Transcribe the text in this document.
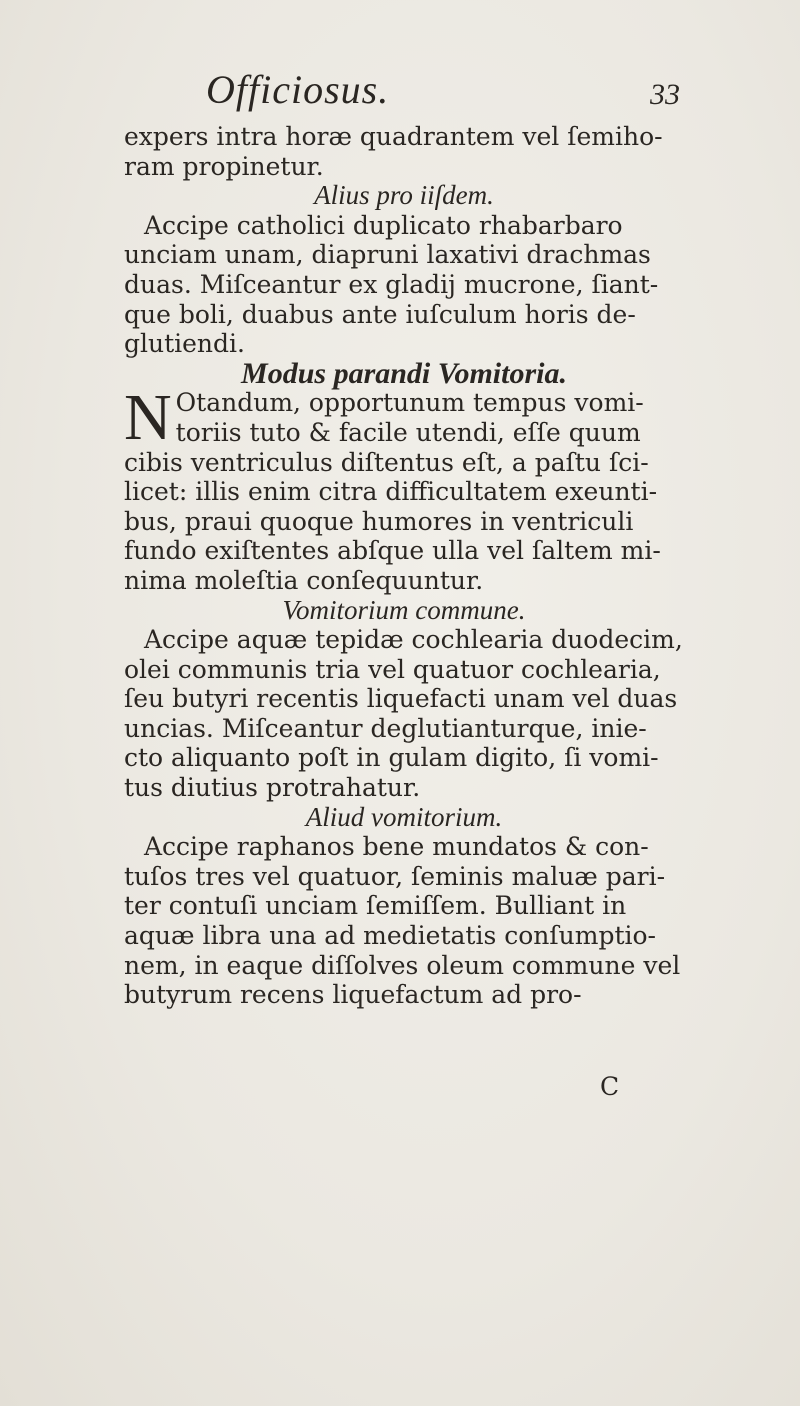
Officiosus.	33

expers intra horæ quadrantem vel ſemiho- ram propinetur.

Alius pro iiſdem.

Accipe catholici duplicato rhabarbaro unciam unam, diapruni laxativi drachmas duas. Miſceantur ex gladij mucrone, ſiant- que boli, duabus ante iuſculum horis de- glutiendi.

Modus parandi Vomitoria.

N Otandum, opportunum tempus vomi- toriis tuto & facile utendi, eſſe quum cibis ventriculus diſtentus eſt, a paſtu ſci- licet: illis enim citra difficultatem exeunti- bus, praui quoque humores in ventriculi fundo exiſtentes abſque ulla vel ſaltem mi- nima moleſtia conſequuntur.

Vomitorium commune.

Accipe aquæ tepidæ cochlearia duodecim, olei communis tria vel quatuor cochlearia, ſeu butyri recentis liquefacti unam vel duas uncias. Miſceantur deglutianturque, inie- cto aliquanto poſt in gulam digito, ſi vomi- tus diutius protrahatur.

Aliud vomitorium.

Accipe raphanos bene mundatos & con- tuſos tres vel quatuor, ſeminis maluæ pari- ter contuſi unciam ſemiſſem. Bulliant in aquæ libra una ad medietatis conſumptio- nem, in eaque diſſolves oleum commune vel butyrum recens liquefactum ad pro-

C
